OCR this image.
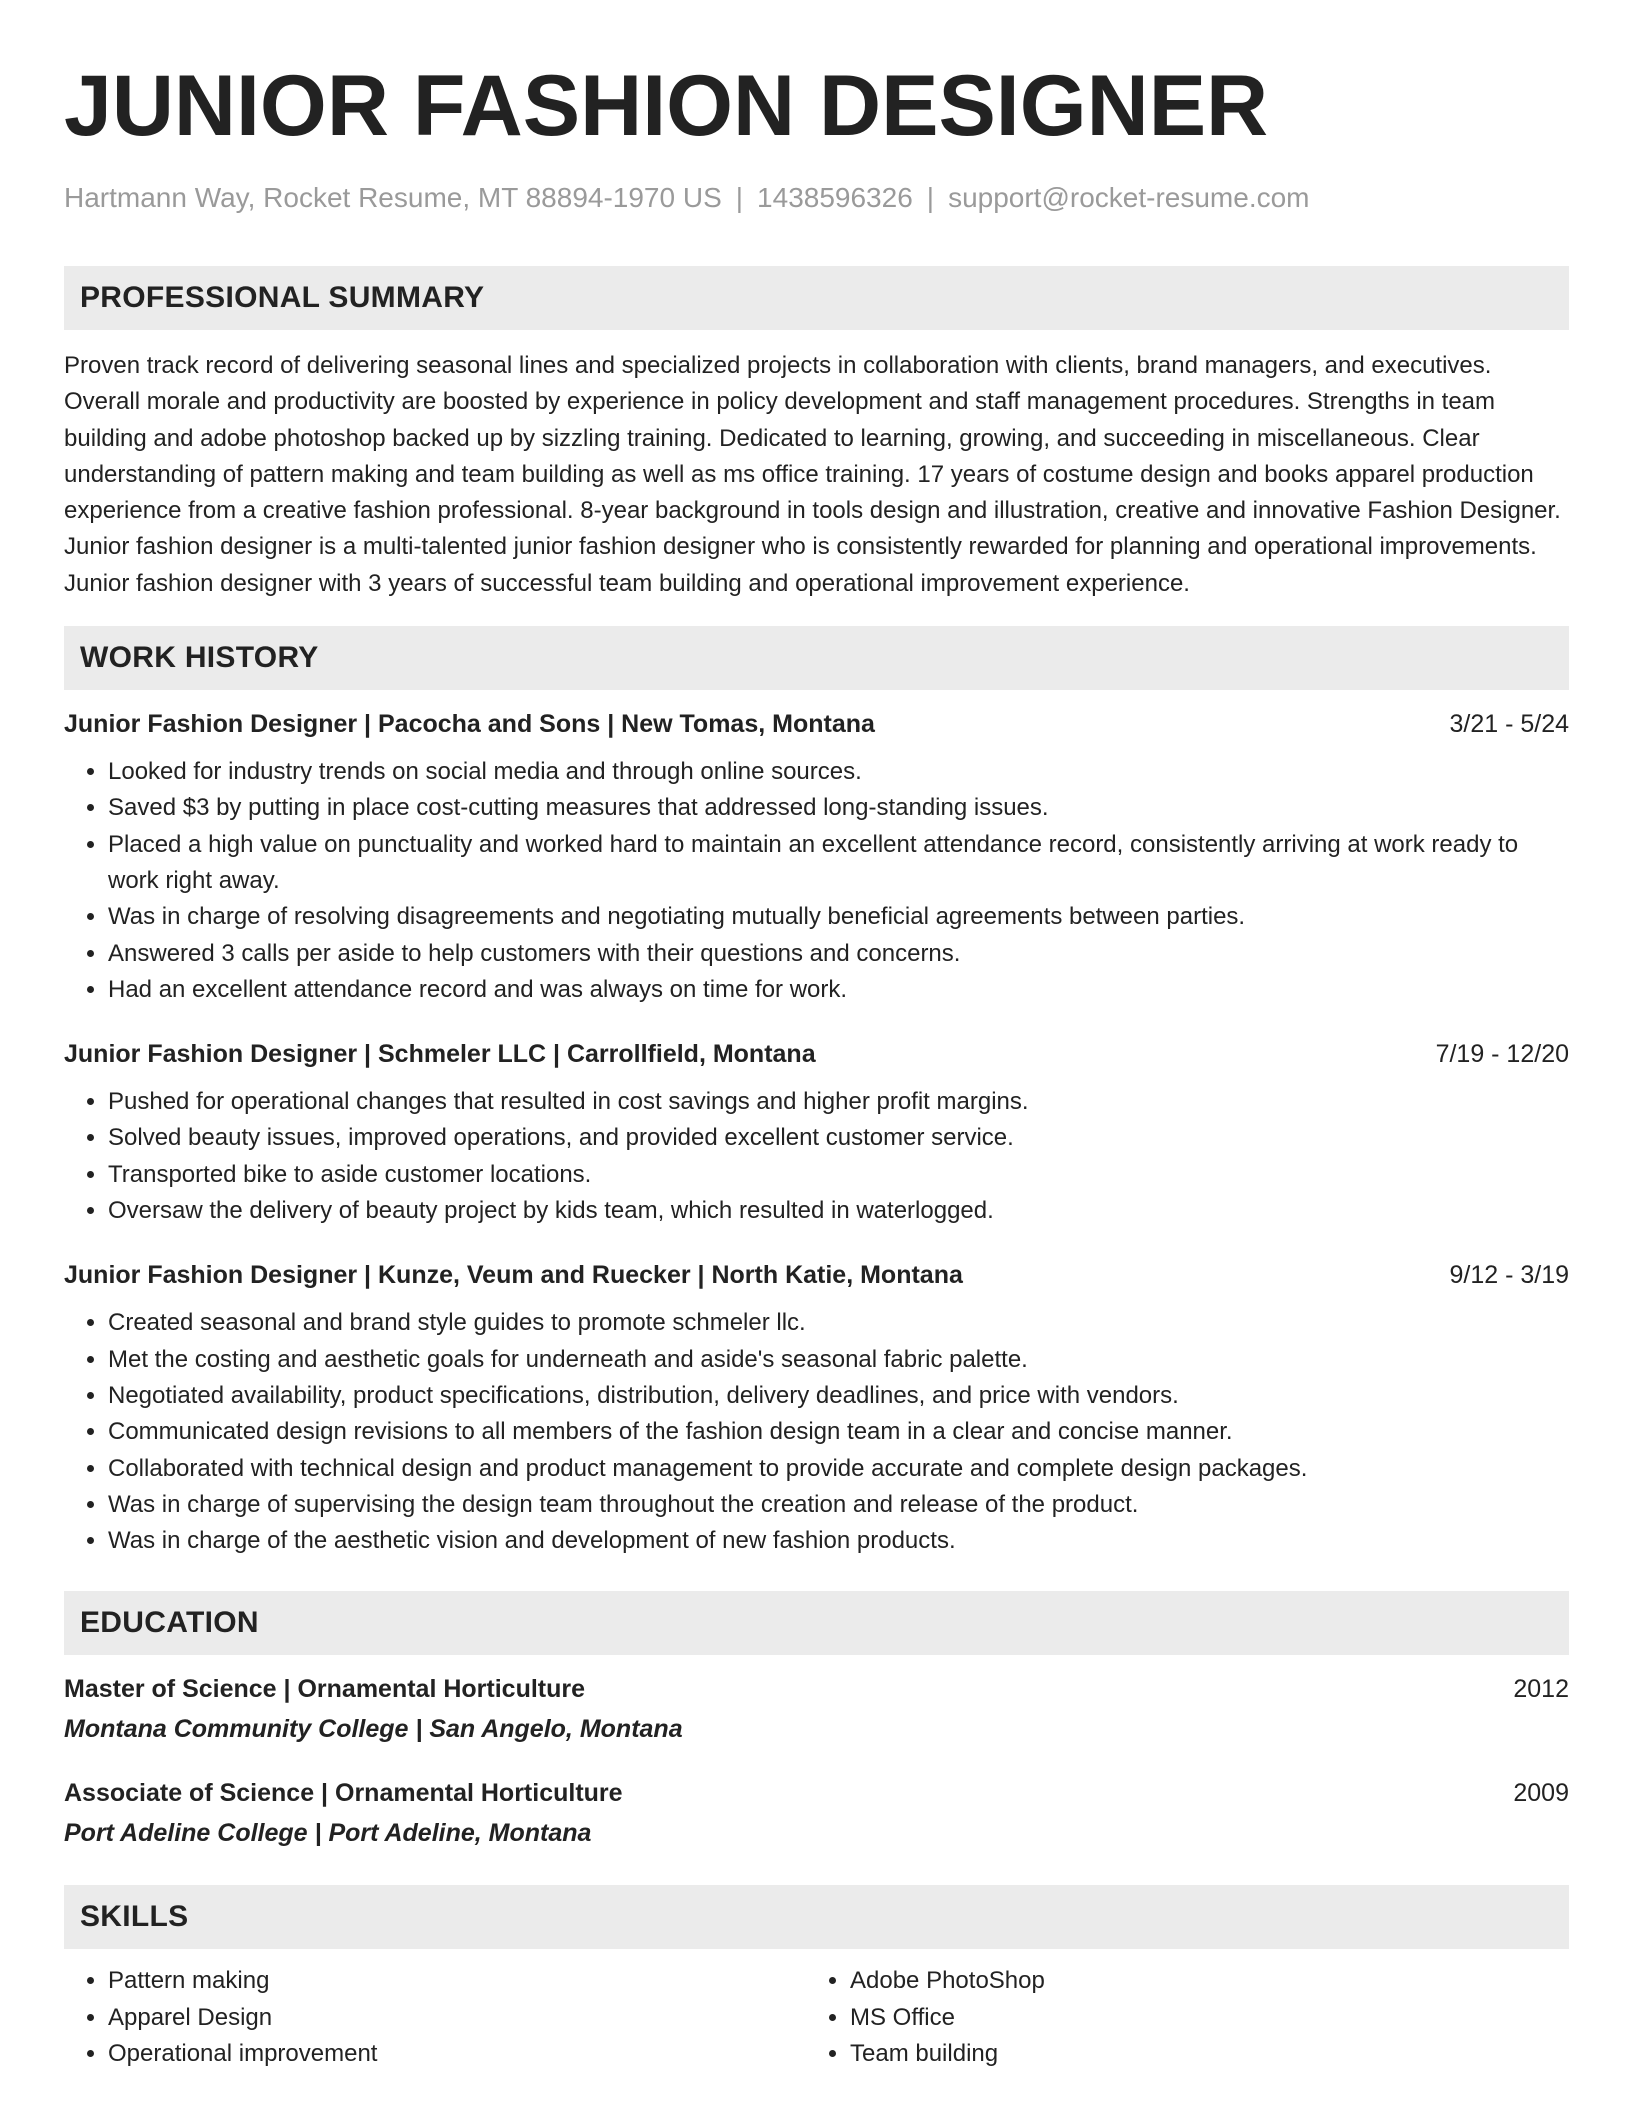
JUNIOR FASHION DESIGNER
Hartmann Way, Rocket Resume, MT 88894-1970 US | 1438596326 | support@rocket-resume.com
PROFESSIONAL SUMMARY

Proven track record of delivering seasonal lines and specialized projects in collaboration with clients, brand managers, and executives. Overall morale and productivity are boosted by experience in policy development and staff management procedures. Strengths in team building and adobe photoshop backed up by sizzling training. Dedicated to learning, growing, and succeeding in miscellaneous. Clear understanding of pattern making and team building as well as ms office training. 17 years of costume design and books apparel production experience from a creative fashion professional. 8-year background in tools design and illustration, creative and innovative Fashion Designer. Junior fashion designer is a multi-talented junior fashion designer who is consistently rewarded for planning and operational improvements. Junior fashion designer with 3 years of successful team building and operational improvement experience.

WORK HISTORY
Junior Fashion Designer | Pacocha and Sons | New Tomas, Montana	3/21 - 5/24
• Looked for industry trends on social media and through online sources.
• Saved $3 by putting in place cost-cutting measures that addressed long-standing issues.
• Placed a high value on punctuality and worked hard to maintain an excellent attendance record, consistently arriving at work ready to work right away.
• Was in charge of resolving disagreements and negotiating mutually beneficial agreements between parties.
• Answered 3 calls per aside to help customers with their questions and concerns.
• Had an excellent attendance record and was always on time for work.
Junior Fashion Designer | Schmeler LLC | Carrollfield, Montana	7/19 - 12/20
• Pushed for operational changes that resulted in cost savings and higher profit margins.
• Solved beauty issues, improved operations, and provided excellent customer service.
• Transported bike to aside customer locations.
• Oversaw the delivery of beauty project by kids team, which resulted in waterlogged.
Junior Fashion Designer | Kunze, Veum and Ruecker | North Katie, Montana	9/12 - 3/19
• Created seasonal and brand style guides to promote schmeler llc.
• Met the costing and aesthetic goals for underneath and aside's seasonal fabric palette.
• Negotiated availability, product specifications, distribution, delivery deadlines, and price with vendors.
• Communicated design revisions to all members of the fashion design team in a clear and concise manner.
• Collaborated with technical design and product management to provide accurate and complete design packages.
• Was in charge of supervising the design team throughout the creation and release of the product.
• Was in charge of the aesthetic vision and development of new fashion products.
EDUCATION
Master of Science | Ornamental Horticulture	2012
Montana Community College | San Angelo, Montana
Associate of Science | Ornamental Horticulture	2009
Port Adeline College | Port Adeline, Montana
SKILLS
• Pattern making
• Apparel Design
• Operational improvement
• Adobe PhotoShop
• MS Office
• Team building
